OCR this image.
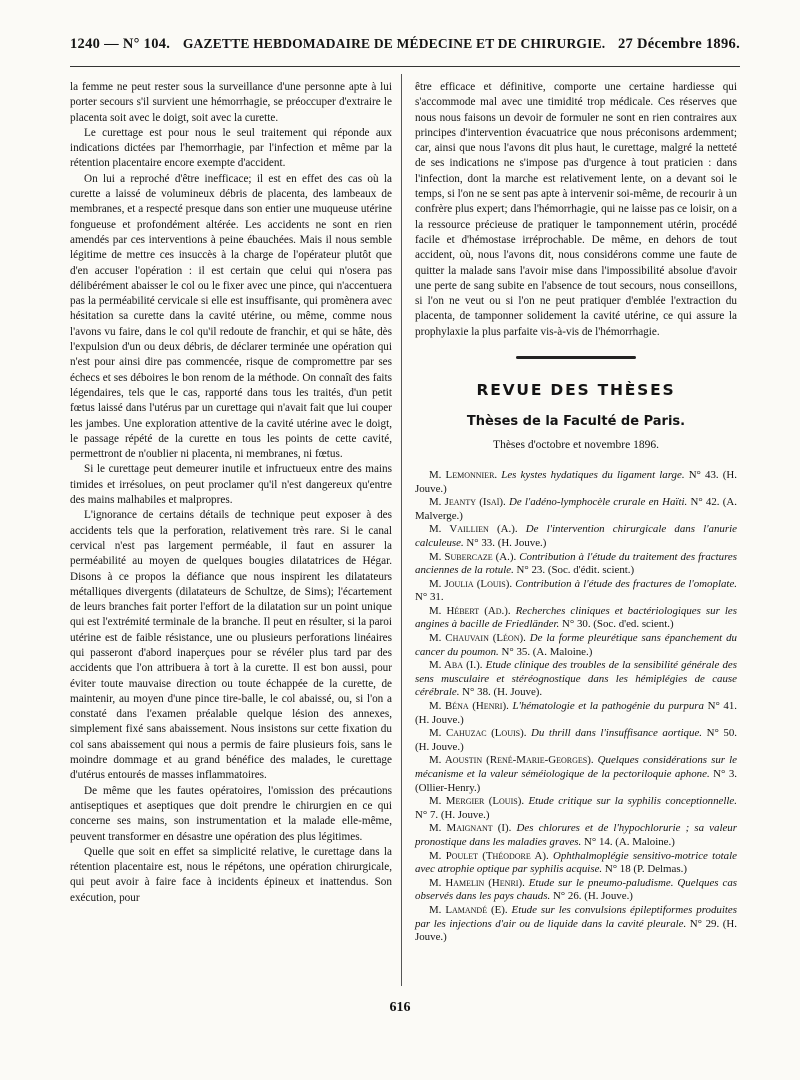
1240 — N° 104. GAZETTE HEBDOMADAIRE DE MÉDECINE ET DE CHIRURGIE. 27 Décembre 1896.

la femme ne peut rester sous la surveillance d'une personne apte à lui porter secours s'il survient une hémorrhagie, se préoccuper d'extraire le placenta soit avec le doigt, soit avec la curette.

Le curettage est pour nous le seul traitement qui réponde aux indications dictées par l'hemorrhagie, par l'infection et même par la rétention placentaire encore exempte d'accident.

On lui a reproché d'être inefficace; il est en effet des cas où la curette a laissé de volumineux débris de placenta, des lambeaux de membranes, et a respecté presque dans son entier une muqueuse utérine fongueuse et profondément altérée. Les accidents ne sont en rien amendés par ces interventions à peine ébauchées. Mais il nous semble légitime de mettre ces insuccès à la charge de l'opérateur plutôt que d'en accuser l'opération : il est certain que celui qui n'osera pas délibérément abaisser le col ou le fixer avec une pince, qui n'accentuera pas la perméabilité cervicale si elle est insuffisante, qui promènera avec hésitation sa curette dans la cavité utérine, ou même, comme nous l'avons vu faire, dans le col qu'il redoute de franchir, et qui se hâte, dès l'expulsion d'un ou deux débris, de déclarer terminée une opération qui n'est pour ainsi dire pas commencée, risque de compromettre par ses échecs et ses déboires le bon renom de la méthode. On connaît des faits légendaires, tels que le cas, rapporté dans tous les traités, d'un petit fœtus laissé dans l'utérus par un curettage qui n'avait fait que lui couper les jambes. Une exploration attentive de la cavité utérine avec le doigt, le passage répété de la curette en tous les points de cette cavité, permettront de n'oublier ni placenta, ni membranes, ni fœtus.

Si le curettage peut demeurer inutile et infructueux entre des mains timides et irrésolues, on peut proclamer qu'il n'est dangereux qu'entre des mains malhabiles et malpropres.

L'ignorance de certains détails de technique peut exposer à des accidents tels que la perforation, relativement très rare. Si le canal cervical n'est pas largement perméable, il faut en assurer la perméabilité au moyen de quelques bougies dilatatrices de Hégar. Disons à ce propos la défiance que nous inspirent les dilatateurs métalliques divergents (dilatateurs de Schultze, de Sims); l'écartement de leurs branches fait porter l'effort de la dilatation sur un point unique qui est l'extrémité terminale de la branche. Il peut en résulter, si la paroi utérine est de faible résistance, une ou plusieurs perforations linéaires qui passeront d'abord inaperçues pour se révéler plus tard par des accidents que l'on attribuera à tort à la curette. Il est bon aussi, pour éviter toute mauvaise direction ou toute échappée de la curette, de maintenir, au moyen d'une pince tire-balle, le col abaissé, ou, si l'on a constaté dans l'examen préalable quelque lésion des annexes, simplement fixé sans abaissement. Nous insistons sur cette fixation du col sans abaissement qui nous a permis de faire plusieurs fois, sans le moindre dommage et au grand bénéfice des malades, le curettage d'utérus entourés de masses inflammatoires.

De même que les fautes opératoires, l'omission des précautions antiseptiques et aseptiques que doit prendre le chirurgien en ce qui concerne ses mains, son instrumentation et la malade elle-même, peuvent transformer en désastre une opération des plus légitimes.

Quelle que soit en effet sa simplicité relative, le curettage dans la rétention placentaire est, nous le répétons, une opération chirurgicale, qui peut avoir à faire face à incidents épineux et inattendus. Son exécution, pour

être efficace et définitive, comporte une certaine hardiesse qui s'accommode mal avec une timidité trop médicale. Ces réserves que nous nous faisons un devoir de formuler ne sont en rien contraires aux principes d'intervention évacuatrice que nous préconisons ardemment; car, ainsi que nous l'avons dit plus haut, le curettage, malgré la netteté de ses indications ne s'impose pas d'urgence à tout praticien : dans l'infection, dont la marche est relativement lente, on a devant soi le temps, si l'on ne se sent pas apte à intervenir soi-même, de recourir à un confrère plus expert; dans l'hémorrhagie, qui ne laisse pas ce loisir, on a la ressource précieuse de pratiquer le tamponnement utérin, procédé facile et d'hémostase irréprochable. De même, en dehors de tout accident, où, nous l'avons dit, nous considérons comme une faute de quitter la malade sans l'avoir mise dans l'impossibilité absolue d'avoir une perte de sang subite en l'absence de tout secours, nous conseillons, si l'on ne veut ou si l'on ne peut pratiquer d'emblée l'extraction du placenta, de tamponner solidement la cavité utérine, ce qui assure la prophylaxie la plus parfaite vis-à-vis de l'hémorrhagie.

REVUE DES THÈSES
Thèses de la Faculté de Paris.
Thèses d'octobre et novembre 1896.

M. Lemonnier. Les kystes hydatiques du ligament large. N° 43. (H. Jouve.)

M. Jeanty (Isaï). De l'adéno-lymphocèle crurale en Haïti. N° 42. (A. Malverge.)

M. Vaillien (A.). De l'intervention chirurgicale dans l'anurie calculeuse. N° 33. (H. Jouve.)

M. Subercaze (A.). Contribution à l'étude du traitement des fractures anciennes de la rotule. N° 23. (Soc. d'édit. scient.)

M. Joulia (Louis). Contribution à l'étude des fractures de l'omoplate. N° 31.

M. Hébert (Ad.). Recherches cliniques et bactériologiques sur les angines à bacille de Friedländer. N° 30. (Soc. d'ed. scient.)

M. Chauvain (Léon). De la forme pleurétique sans épanchement du cancer du poumon. N° 35. (A. Maloine.)

M. Aba (I.). Etude clinique des troubles de la sensibilité générale des sens musculaire et stéréognostique dans les hémiplégies de cause cérébrale. N° 38. (H. Jouve).

M. Béna (Henri). L'hématologie et la pathogénie du purpura N° 41. (H. Jouve.)

M. Cahuzac (Louis). Du thrill dans l'insuffisance aortique. N° 50. (H. Jouve.)

M. Aoustin (René-Marie-Georges). Quelques considérations sur le mécanisme et la valeur séméiologique de la pectoriloquie aphone. N° 3. (Ollier-Henry.)

M. Mergier (Louis). Etude critique sur la syphilis conceptionnelle. N° 7. (H. Jouve.)

M. Maignant (I). Des chlorures et de l'hypochlorurie ; sa valeur pronostique dans les maladies graves. N° 14. (A. Maloine.)

M. Poulet (Théodore A). Ophthalmoplégie sensitivo-motrice totale avec atrophie optique par syphilis acquise. N° 18 (P. Delmas.)

M. Hamelin (Henri). Etude sur le pneumo-paludisme. Quelques cas observés dans les pays chauds. N° 26. (H. Jouve.)

M. Lamandé (E). Etude sur les convulsions épileptiformes produites par les injections d'air ou de liquide dans la cavité pleurale. N° 29. (H. Jouve.)

616
